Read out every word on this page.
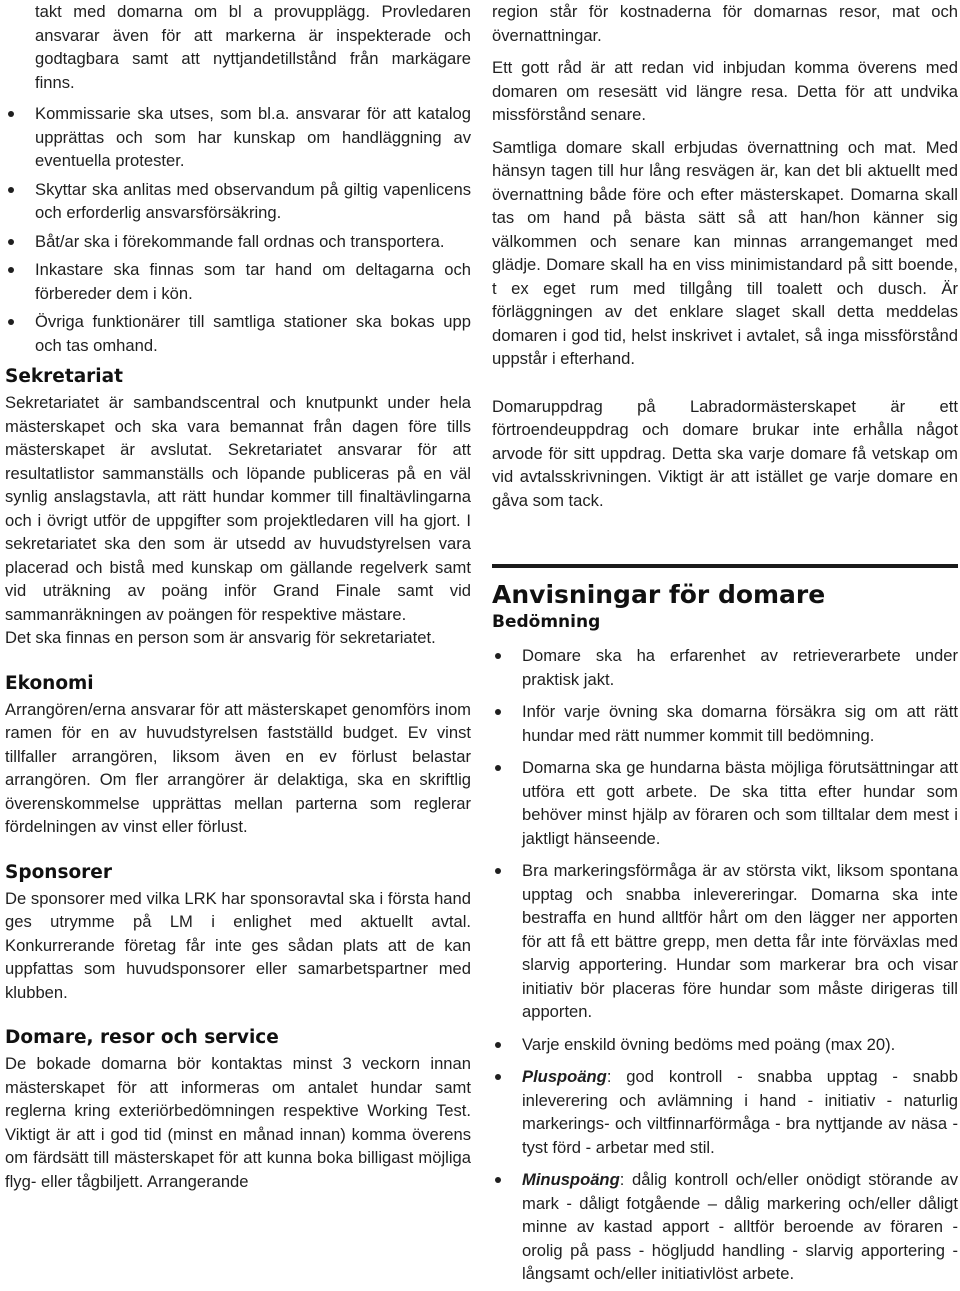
takt med domarna om bl a provupplägg. Provledaren ansvarar även för att markerna är inspekterade och godtagbara samt att nyttjandetillstånd från markägare finns.

Kommissarie ska utses, som bl.a. ansvarar för att katalog upprättas och som har kunskap om handläggning av eventuella protester.
Skyttar ska anlitas med observandum på giltig vapenlicens och erforderlig ansvarsförsäkring.
Båt/ar ska i förekommande fall ordnas och transportera.
Inkastare ska finnas som tar hand om deltagarna och förbereder dem i kön.
Övriga funktionärer till samtliga stationer ska bokas upp och tas omhand.
Sekretariat

Sekretariatet är sambandscentral och knutpunkt under hela mästerskapet och ska vara bemannat från dagen före tills mästerskapet är avslutat. Sekretariatet ansvarar för att resultatlistor sammanställs och löpande publiceras på en väl synlig anslagstavla, att rätt hundar kommer till finaltävlingarna och i övrigt utför de uppgifter som projektledaren vill ha gjort. I sekretariatet ska den som är utsedd av huvudstyrelsen vara placerad och bistå med kunskap om gällande regelverk samt vid uträkning av poäng inför Grand Finale samt vid sammanräkningen av poängen för respektive mästare.

Det ska finnas en person som är ansvarig för sekretariatet.

Ekonomi

Arrangören/erna ansvarar för att mästerskapet genomförs inom ramen för en av huvudstyrelsen fastställd budget. Ev vinst tillfaller arrangören, liksom även en ev förlust belastar arrangören. Om fler arrangörer är delaktiga, ska en skriftlig överenskommelse upprättas mellan parterna som reglerar fördelningen av vinst eller förlust.

Sponsorer

De sponsorer med vilka LRK har sponsoravtal ska i första hand ges utrymme på LM i enlighet med aktuellt avtal. Konkurrerande företag får inte ges sådan plats att de kan uppfattas som huvudsponsorer eller samarbetspartner med klubben.

Domare, resor och service

De bokade domarna bör kontaktas minst 3 veckorn innan mästerskapet för att informeras om antalet hundar samt reglerna kring exteriörbedömningen respektive Working Test. Viktigt är att i god tid (minst en månad innan) komma överens om färdsätt till mästerskapet för att kunna boka billigast möjliga flyg- eller tågbiljett. Arrangerande

region står för kostnaderna för domarnas resor, mat och övernattningar.

Ett gott råd är att redan vid inbjudan komma överens med domaren om resesätt vid längre resa. Detta för att undvika missförstånd senare.

Samtliga domare skall erbjudas övernattning och mat. Med hänsyn tagen till hur lång resvägen är, kan det bli aktuellt med övernattning både före och efter mästerskapet. Domarna skall tas om hand på bästa sätt så att han/hon känner sig välkommen och senare kan minnas arrangemanget med glädje. Domare skall ha en viss minimistandard på sitt boende, t ex eget rum med tillgång till toalett och dusch. Är förläggningen av det enklare slaget skall detta meddelas domaren i god tid, helst inskrivet i avtalet, så inga missförstånd uppstår i efterhand.

Domaruppdrag på Labradormästerskapet är ett förtroendeuppdrag och domare brukar inte erhålla något arvode för sitt uppdrag. Detta ska varje domare få vetskap om vid avtalsskrivningen. Viktigt är att istället ge varje domare en gåva som tack.

Anvisningar för domare
Bedömning
Domare ska ha erfarenhet av retrieverarbete under praktisk jakt.
Inför varje övning ska domarna försäkra sig om att rätt hundar med rätt nummer kommit till bedömning.
Domarna ska ge hundarna bästa möjliga förutsättningar att utföra ett gott arbete. De ska titta efter hundar som behöver minst hjälp av föraren och som tilltalar dem mest i jaktligt hänseende.
Bra markeringsförmåga är av största vikt, liksom spontana upptag och snabba inlevereringar. Domarna ska inte bestraffa en hund alltför hårt om den lägger ner apporten för att få ett bättre grepp, men detta får inte förväxlas med slarvig apportering. Hundar som markerar bra och visar initiativ bör placeras före hundar som måste dirigeras till apporten.
Varje enskild övning bedöms med poäng (max 20).
Pluspoäng: god kontroll - snabba upptag - snabb inleverering och avlämning i hand - initiativ - naturlig markerings- och viltfinnarförmåga - bra nyttjande av näsa - tyst förd - arbetar med stil.
Minuspoäng: dålig kontroll och/eller onödigt störande av mark - dåligt fotgående – dålig markering och/eller dåligt minne av kastad apport - alltför beroende av föraren - orolig på pass - högljudd handling - slarvig apportering - långsamt och/eller initiativlöst arbete.
